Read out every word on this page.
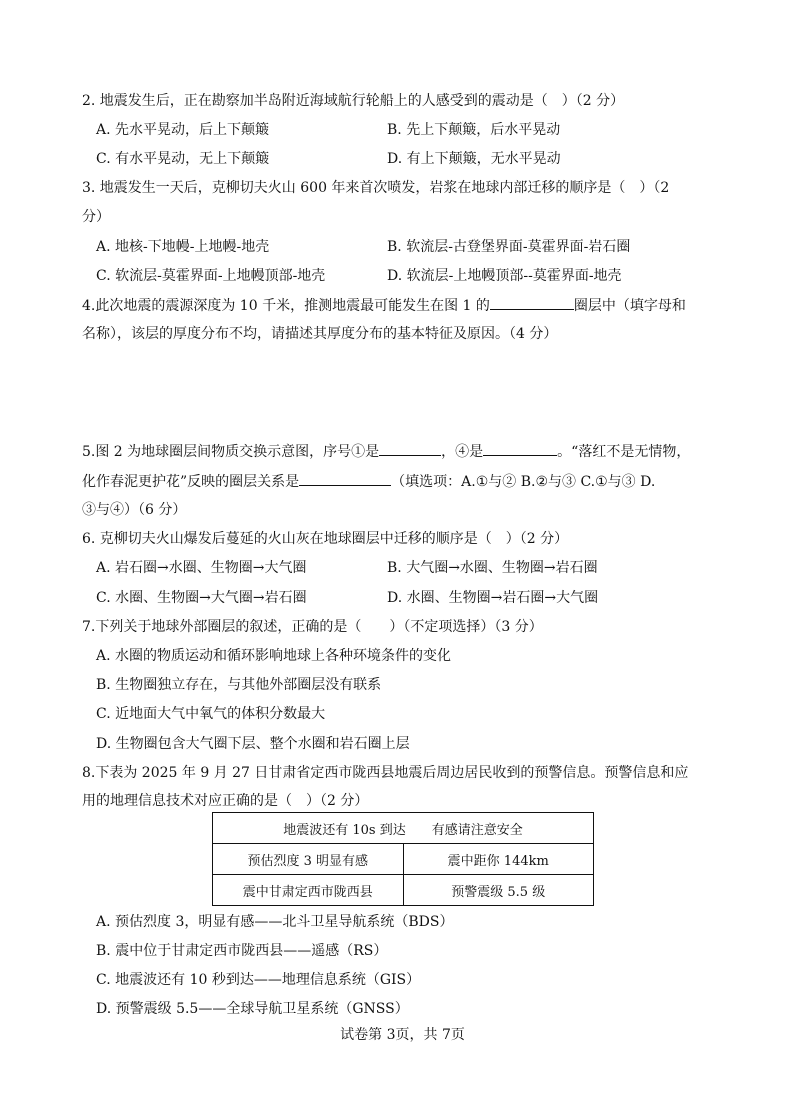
2. 地震发生后，正在勘察加半岛附近海域航行轮船上的人感受到的震动是（　）（2 分）
A. 先水平晃动，后上下颠簸	B. 先上下颠簸，后水平晃动
C. 有水平晃动，无上下颠簸	D. 有上下颠簸，无水平晃动
3. 地震发生一天后，克柳切夫火山 600 年来首次喷发，岩浆在地球内部迁移的顺序是（　）（2
分）
A. 地核-下地幔-上地幔-地壳	B. 软流层-古登堡界面-莫霍界面-岩石圈
C. 软流层-莫霍界面-上地幔顶部-地壳	D. 软流层-上地幔顶部--莫霍界面-地壳
4.此次地震的震源深度为 10 千米，推测地震最可能发生在图 1 的	圈层中（填字母和
名称），该层的厚度分布不均，请描述其厚度分布的基本特征及原因。（4 分）
5.图 2 为地球圈层间物质交换示意图，序号①是	，④是	。“落红不是无情物，
化作春泥更护花”反映的圈层关系是	（填选项：A.①与② B.②与③ C.①与③ D.
③与④）（6 分）
6. 克柳切夫火山爆发后蔓延的火山灰在地球圈层中迁移的顺序是（　）（2 分）
A. 岩石圈→水圈、生物圈→大气圈	B. 大气圈→水圈、生物圈→岩石圈
C. 水圈、生物圈→大气圈→岩石圈	D. 水圈、生物圈→岩石圈→大气圈
7.下列关于地球外部圈层的叙述，正确的是（　　）（不定项选择）（3 分）
A. 水圈的物质运动和循环影响地球上各种环境条件的变化
B. 生物圈独立存在，与其他外部圈层没有联系
C. 近地面大气中氧气的体积分数最大
D. 生物圈包含大气圈下层、整个水圈和岩石圈上层
8.下表为 2025 年 9 月 27 日甘肃省定西市陇西县地震后周边居民收到的预警信息。预警信息和应
用的地理信息技术对应正确的是（　）（2 分）
地震波还有 10s 到达　　有感请注意安全	
预估烈度 3 明显有感	震中距你 144km
震中甘肃定西市陇西县	预警震级 5.5 级
A. 预估烈度 3，明显有感——北斗卫星导航系统（BDS）
B. 震中位于甘肃定西市陇西县——遥感（RS）
C. 地震波还有 10 秒到达——地理信息系统（GIS）
D. 预警震级 5.5——全球导航卫星系统（GNSS）
试卷第 3页，共 7页
